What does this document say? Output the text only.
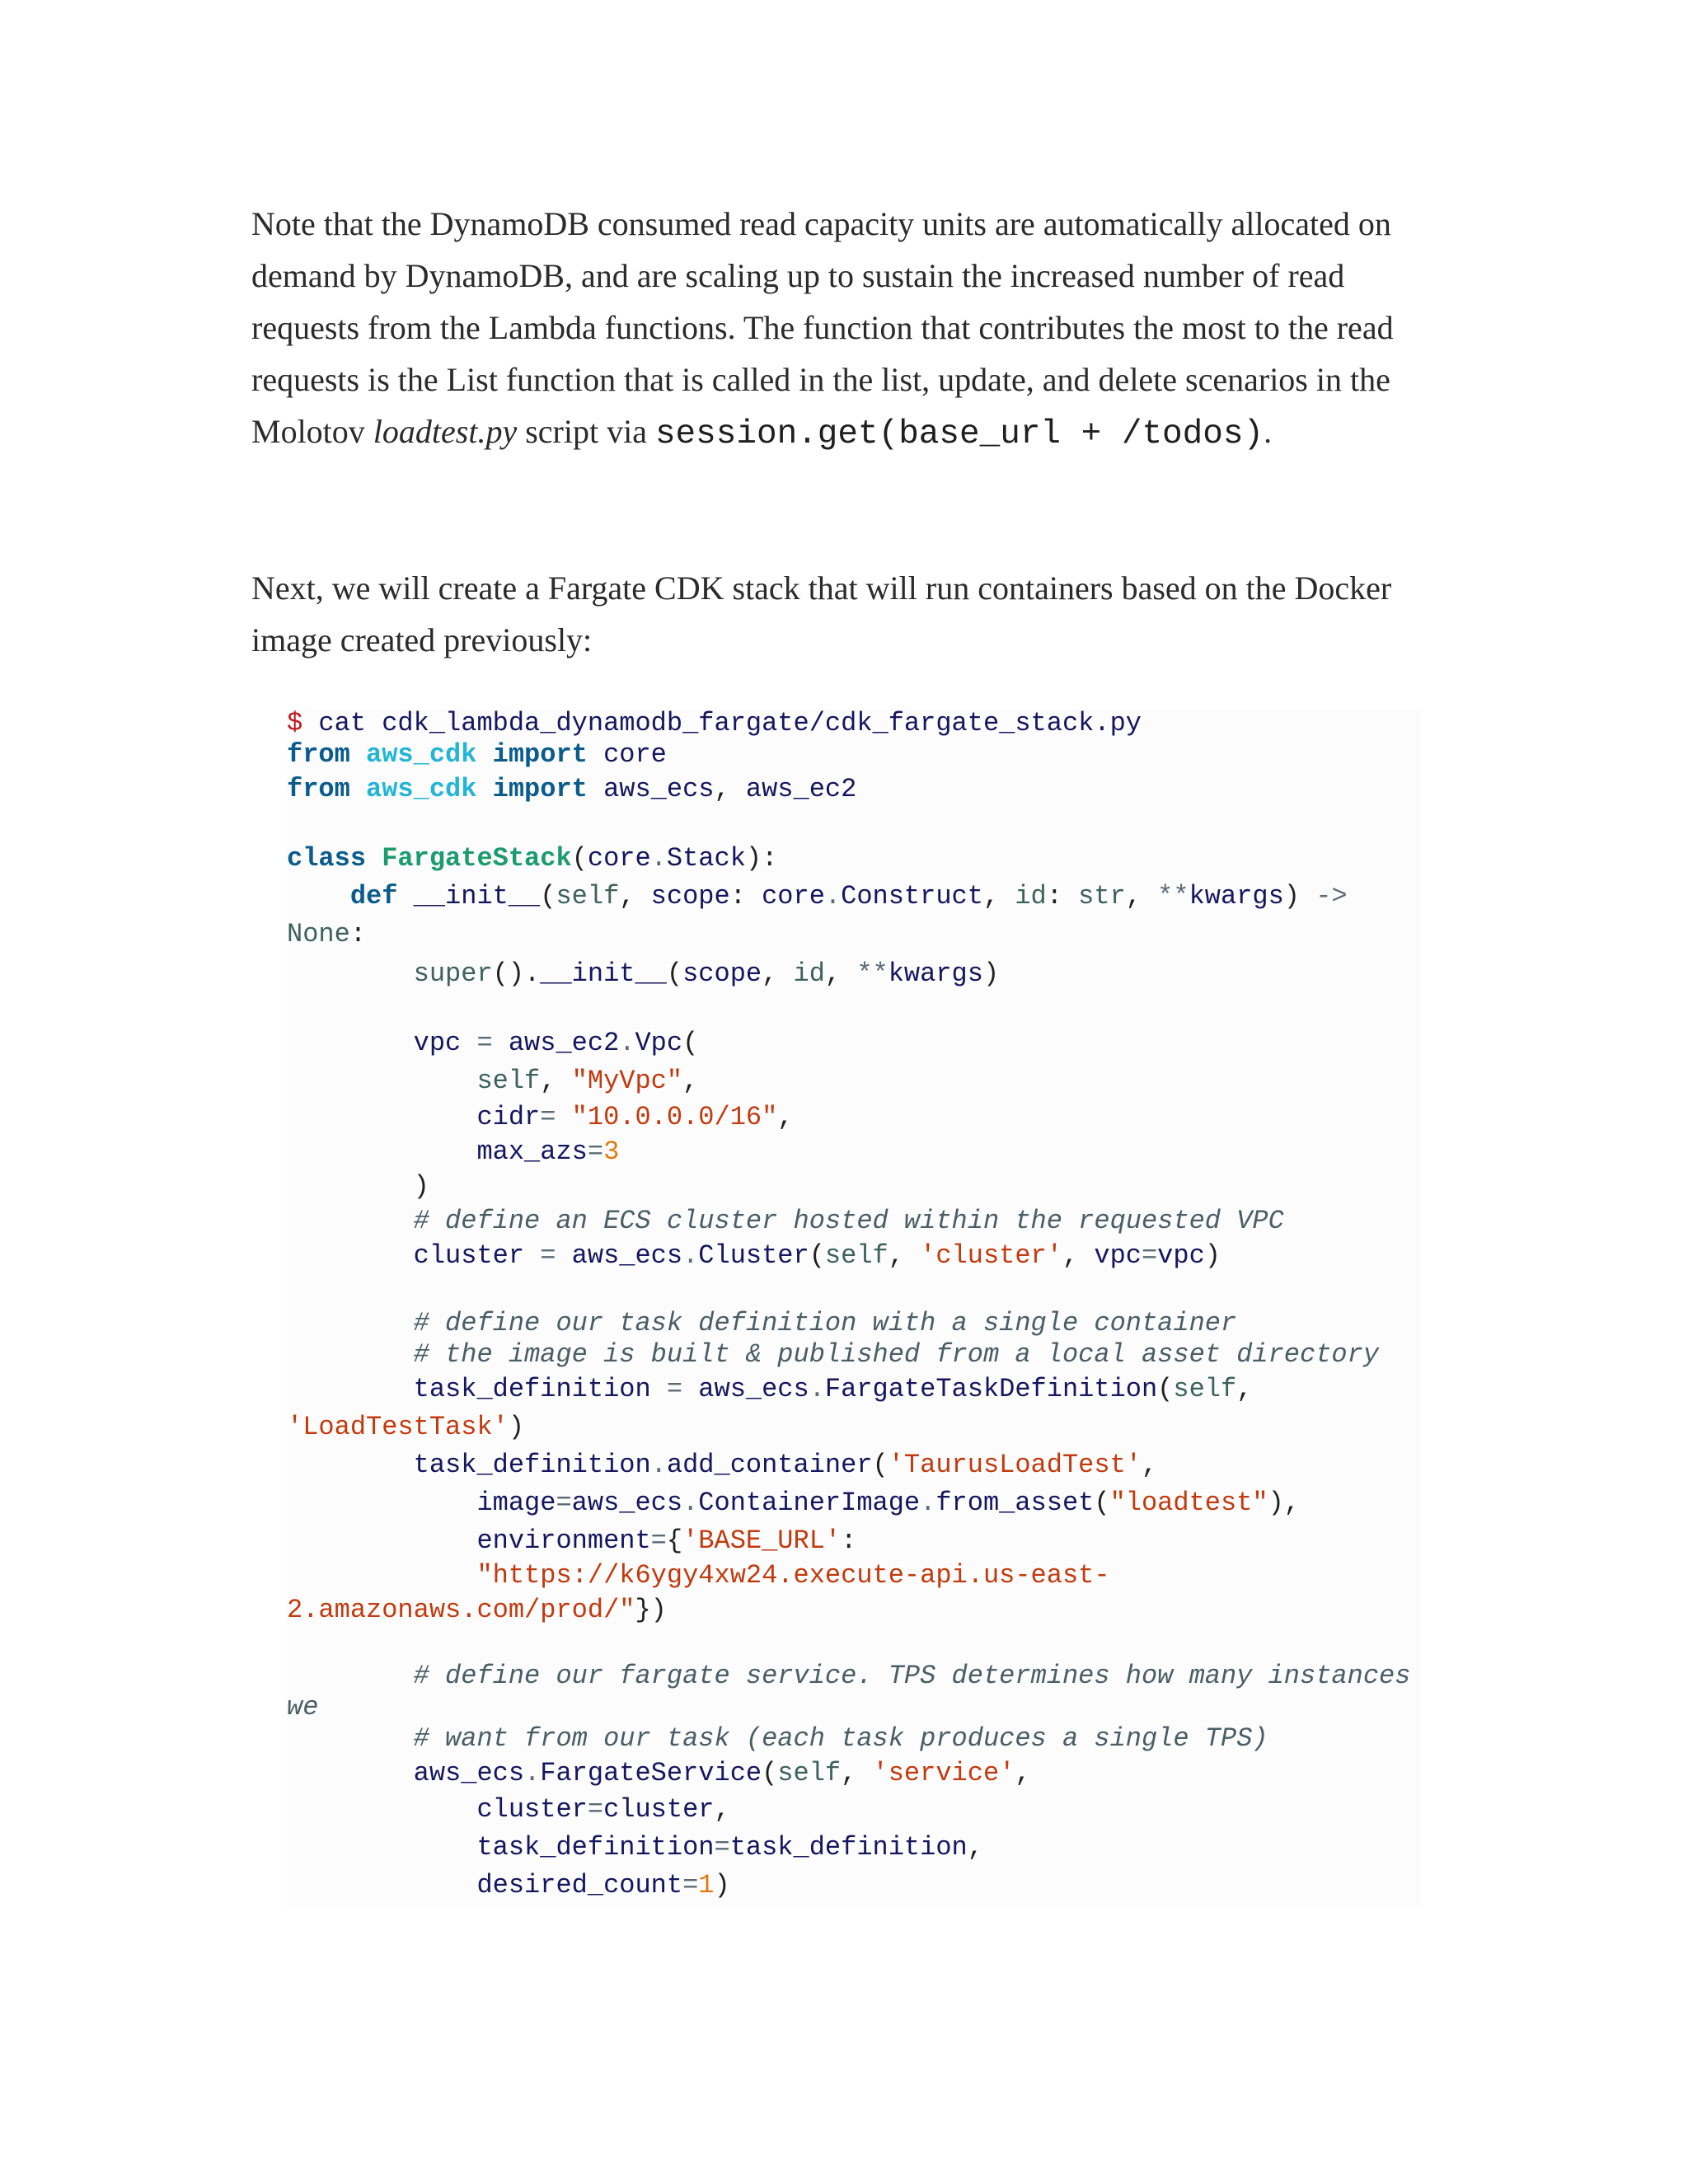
Note that the DynamoDB consumed read capacity units are automatically allocated on demand by DynamoDB, and are scaling up to sustain the increased number of read requests from the Lambda functions. The function that contributes the most to the read requests is the List function that is called in the list, update, and delete scenarios in the Molotov loadtest.py script via session.get(base_url + /todos).

Next, we will create a Fargate CDK stack that will run containers based on the Docker image created previously:

$ cat cdk_lambda_dynamodb_fargate/cdk_fargate_stack.py
from aws_cdk import core
from aws_cdk import aws_ecs, aws_ec2
class FargateStack(core.Stack):
def __init__(self, scope: core.Construct, id: str, **kwargs) ->
None:
super().__init__(scope, id, **kwargs)
vpc = aws_ec2.Vpc(
self, "MyVpc",
cidr= "10.0.0.0/16",
max_azs=3
)
# define an ECS cluster hosted within the requested VPC
cluster = aws_ecs.Cluster(self, 'cluster', vpc=vpc)
# define our task definition with a single container
# the image is built & published from a local asset directory
task_definition = aws_ecs.FargateTaskDefinition(self,
'LoadTestTask')
task_definition.add_container('TaurusLoadTest',
image=aws_ecs.ContainerImage.from_asset("loadtest"),
environment={'BASE_URL':
"https://k6ygy4xw24.execute-api.us-east-
2.amazonaws.com/prod/"})
# define our fargate service. TPS determines how many instances
we
# want from our task (each task produces a single TPS)
aws_ecs.FargateService(self, 'service',
cluster=cluster,
task_definition=task_definition,
desired_count=1)
